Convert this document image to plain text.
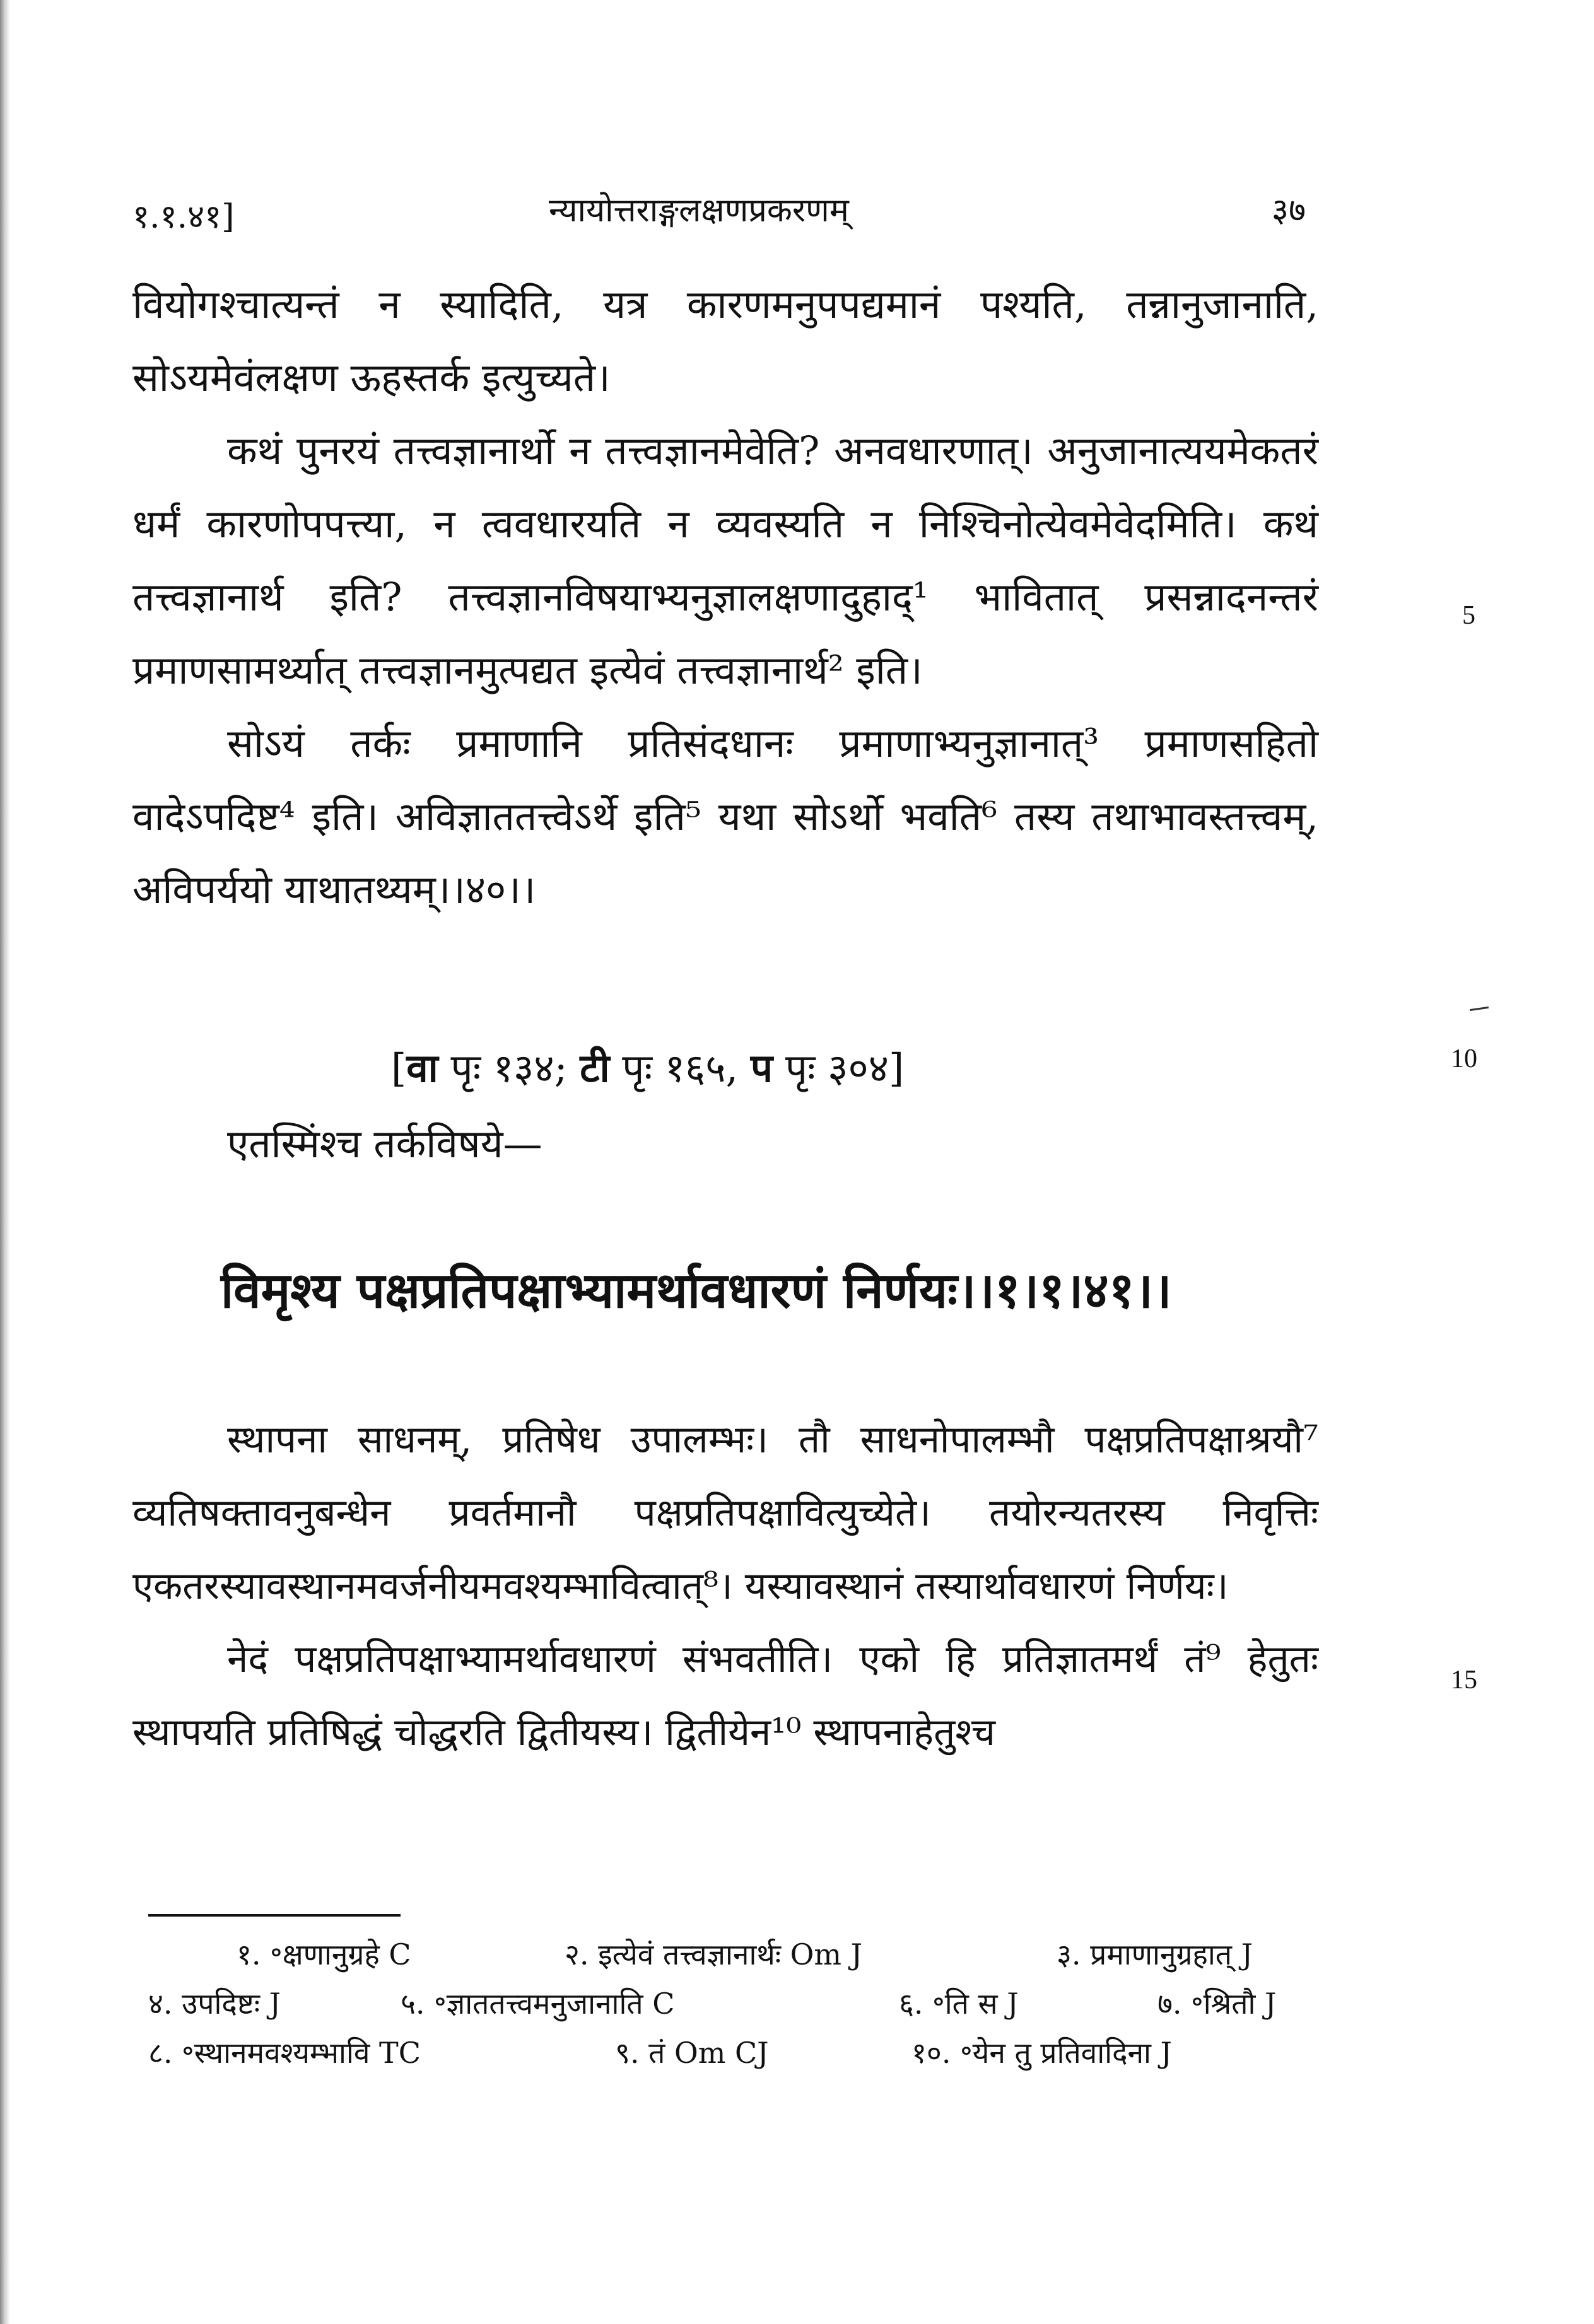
१.१.४१]	न्यायोत्तराङ्गलक्षणप्रकरणम्	३७

वियोगश्चात्यन्तं न स्यादिति, यत्र कारणमनुपपद्यमानं पश्यति, तन्नानुजानाति, सोऽयमेवंलक्षण ऊहस्तर्क इत्युच्यते।

कथं पुनरयं तत्त्वज्ञानार्थो न तत्त्वज्ञानमेवेति? अनवधारणात्। अनुजानात्ययमेकतरं धर्मं कारणोपपत्त्या, न त्ववधारयति न व्यवस्यति न निश्चिनोत्येवमेवेदमिति। कथं तत्त्वज्ञानार्थ इति? तत्त्वज्ञानविषयाभ्यनुज्ञालक्षणादुहाद्¹ भावितात् प्रसन्नादनन्तरं प्रमाणसामर्थ्यात् तत्त्वज्ञानमुत्पद्यत इत्येवं तत्त्वज्ञानार्थ² इति।

सोऽयं तर्कः प्रमाणानि प्रतिसंदधानः प्रमाणाभ्यनुज्ञानात्³ प्रमाणसहितो वादेऽपदिष्ट⁴ इति। अविज्ञाततत्त्वेऽर्थे इति⁵ यथा सोऽर्थो भवति⁶ तस्य तथाभावस्तत्त्वम्, अविपर्ययो याथातथ्यम्।।४०।।

5
10
15
[वा पृः १३४; टी पृः १६५, प पृः ३०४]
एतस्मिंश्च तर्कविषये—
विमृश्य पक्षप्रतिपक्षाभ्यामर्थावधारणं निर्णयः।।१।१।४१।।

स्थापना साधनम्, प्रतिषेध उपालम्भः। तौ साधनोपालम्भौ पक्षप्रतिपक्षाश्रयौ⁷ व्यतिषक्तावनुबन्धेन प्रवर्तमानौ पक्षप्रतिपक्षावित्युच्येते। तयोरन्यतरस्य निवृत्तिः एकतरस्यावस्थानमवर्जनीयमवश्यम्भावित्वात्⁸। यस्यावस्थानं तस्यार्थावधारणं निर्णयः।

नेदं पक्षप्रतिपक्षाभ्यामर्थावधारणं संभवतीति। एको हि प्रतिज्ञातमर्थं तं⁹ हेतुतः स्थापयति प्रतिषिद्धं चोद्धरति द्वितीयस्य। द्वितीयेन¹⁰ स्थापनाहेतुश्च

१. ॰क्षणानुग्रहे C	२. इत्येवं तत्त्वज्ञानार्थः Om J	३. प्रमाणानुग्रहात् J
४. उपदिष्टः J	५. ॰ज्ञाततत्त्वमनुजानाति C	६. ॰ति स J	७. ॰श्रितौ J
८. ॰स्थानमवश्यम्भावि TC	९. तं Om CJ	१०. ॰येन तु प्रतिवादिना J
